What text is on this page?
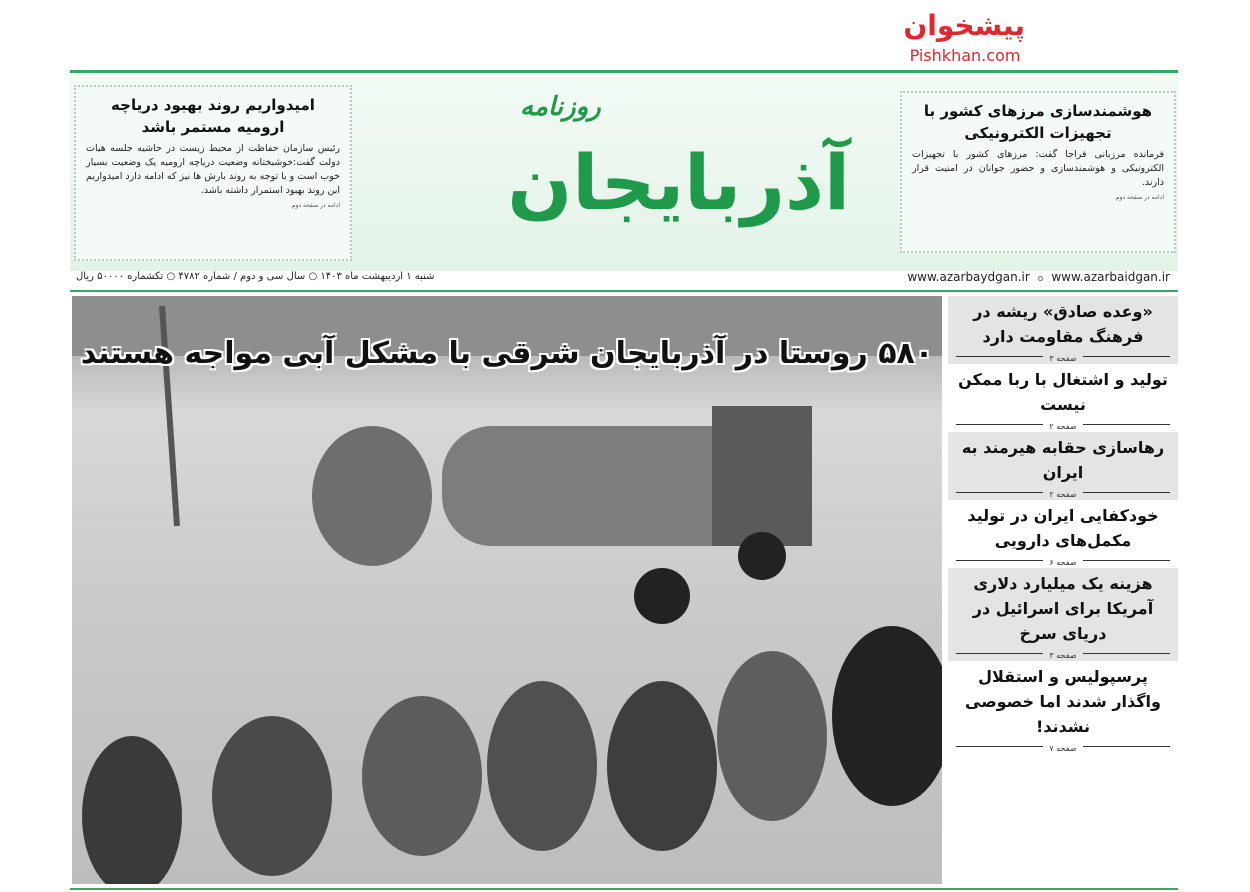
امیدواریم روند بهبود دریاچه ارومیه مستمر باشد

رئیس سازمان حفاظت از محیط زیست در حاشیه جلسه هیات دولت گفت:خوشبختانه وضعیت دریاچه ارومیه یک وضعیت بسیار خوب است و با توجه به روند بارش ها نیز که ادامه دارد امیدواریم این روند بهبود استمرار داشته باشد.

ادامه در صفحه دوم
روزنامه
آذربایجان
هوشمندسازی مرزهای کشور با تجهیزات الکترونیکی

فرمانده مرزبانی فراجا گفت: مرزهای کشور با تجهیزات الکترونیکی و هوشمندسازی و حضور جوانان در امنیت قرار دارند.

ادامه در صفحه دوم
پیشخوان
Pishkhan.com
شنبه ۱ اردیبهشت ماه ۱۴۰۳ ○ سال سی و دوم / شماره ۴۷۸۲ ○ تکشماره ۵۰۰۰۰ ریال	www.azarbaydgan.ir o www.azarbaidgan.ir
۵۸۰ روستا در آذربایجان شرقی با مشکل آبی مواجه هستند
«وعده صادق» ریشه در فرهنگ مقاومت دارد
صفحه ۳
تولید و اشتغال با ربا ممکن نیست
صفحه ۲
رهاسازی حقابه هیرمند به ایران
صفحه ۲
خودکفایی ایران در تولید مکمل‌های دارویی
صفحه ۶
هزینه یک میلیارد دلاری آمریکا برای اسرائیل در دریای سرخ
صفحه ۳
پرسپولیس و استقلال واگذار شدند اما خصوصی نشدند!
صفحه ۷
